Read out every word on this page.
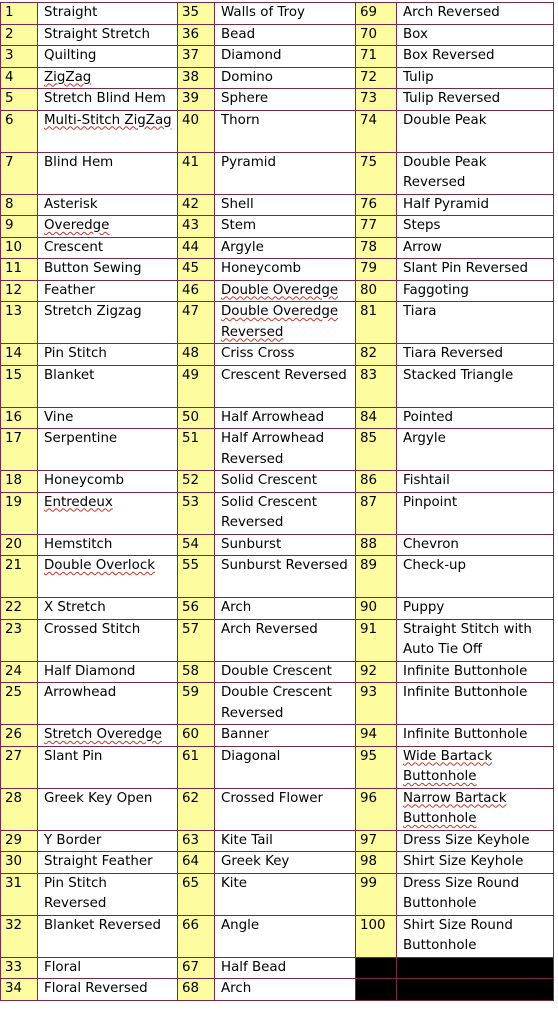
1	Straight	35	Walls of Troy	69	Arch Reversed
2	Straight Stretch	36	Bead	70	Box
3	Quilting	37	Diamond	71	Box Reversed
4	ZigZag	38	Domino	72	Tulip
5	Stretch Blind Hem	39	Sphere	73	Tulip Reversed
6	Multi-Stitch ZigZag	40	Thorn	74	Double Peak
7	Blind Hem	41	Pyramid	75	Double Peak Reversed
8	Asterisk	42	Shell	76	Half Pyramid
9	Overedge	43	Stem	77	Steps
10	Crescent	44	Argyle	78	Arrow
11	Button Sewing	45	Honeycomb	79	Slant Pin Reversed
12	Feather	46	Double Overedge	80	Faggoting
13	Stretch Zigzag	47	Double Overedge Reversed	81	Tiara
14	Pin Stitch	48	Criss Cross	82	Tiara Reversed
15	Blanket	49	Crescent Reversed	83	Stacked Triangle
16	Vine	50	Half Arrowhead	84	Pointed
17	Serpentine	51	Half Arrowhead Reversed	85	Argyle
18	Honeycomb	52	Solid Crescent	86	Fishtail
19	Entredeux	53	Solid Crescent Reversed	87	Pinpoint
20	Hemstitch	54	Sunburst	88	Chevron
21	Double Overlock	55	Sunburst Reversed	89	Check-up
22	X Stretch	56	Arch	90	Puppy
23	Crossed Stitch	57	Arch Reversed	91	Straight Stitch with Auto Tie Off
24	Half Diamond	58	Double Crescent	92	Infinite Buttonhole
25	Arrowhead	59	Double Crescent Reversed	93	Infinite Buttonhole
26	Stretch Overedge	60	Banner	94	Infinite Buttonhole
27	Slant Pin	61	Diagonal	95	Wide Bartack Buttonhole
28	Greek Key Open	62	Crossed Flower	96	Narrow Bartack Buttonhole
29	Y Border	63	Kite Tail	97	Dress Size Keyhole
30	Straight Feather	64	Greek Key	98	Shirt Size Keyhole
31	Pin Stitch Reversed	65	Kite	99	Dress Size Round Buttonhole
32	Blanket Reversed	66	Angle	100	Shirt Size Round Buttonhole
33	Floral	67	Half Bead		
34	Floral Reversed	68	Arch		
